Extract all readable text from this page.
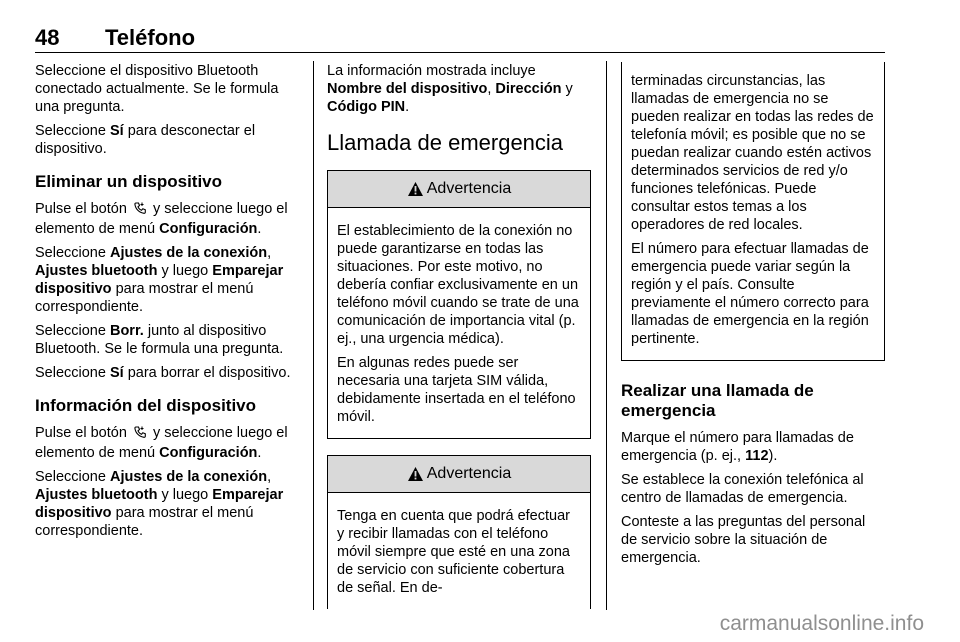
48 Teléfono

Seleccione el dispositivo Bluetooth conectado actualmente. Se le formula una pregunta.

Seleccione Sí para desconectar el dispositivo.

Eliminar un dispositivo

Pulse el botón y seleccione luego el elemento de menú Configuración.

Seleccione Ajustes de la conexión, Ajustes bluetooth y luego Emparejar dispositivo para mostrar el menú correspondiente.

Seleccione Borr. junto al dispositivo Bluetooth. Se le formula una pregunta.

Seleccione Sí para borrar el dispositivo.

Información del dispositivo

Pulse el botón y seleccione luego el elemento de menú Configuración.

Seleccione Ajustes de la conexión, Ajustes bluetooth y luego Emparejar dispositivo para mostrar el menú correspondiente.

La información mostrada incluye Nombre del dispositivo, Dirección y Código PIN.

Llamada de emergencia
Advertencia

El establecimiento de la conexión no puede garantizarse en todas las situaciones. Por este motivo, no debería confiar exclusivamente en un teléfono móvil cuando se trate de una comunicación de importancia vital (p. ej., una urgencia médica).

En algunas redes puede ser necesaria una tarjeta SIM válida, debidamente insertada en el teléfono móvil.

Advertencia

Tenga en cuenta que podrá efectuar y recibir llamadas con el teléfono móvil siempre que esté en una zona de servicio con suficiente cobertura de señal. En de-

terminadas circunstancias, las llamadas de emergencia no se pueden realizar en todas las redes de telefonía móvil; es posible que no se puedan realizar cuando estén activos determinados servicios de red y/o funciones telefónicas. Puede consultar estos temas a los operadores de red locales.

El número para efectuar llamadas de emergencia puede variar según la región y el país. Consulte previamente el número correcto para llamadas de emergencia en la región pertinente.

Realizar una llamada de emergencia

Marque el número para llamadas de emergencia (p. ej., 112).

Se establece la conexión telefónica al centro de llamadas de emergencia.

Conteste a las preguntas del personal de servicio sobre la situación de emergencia.

carmanualsonline.info
